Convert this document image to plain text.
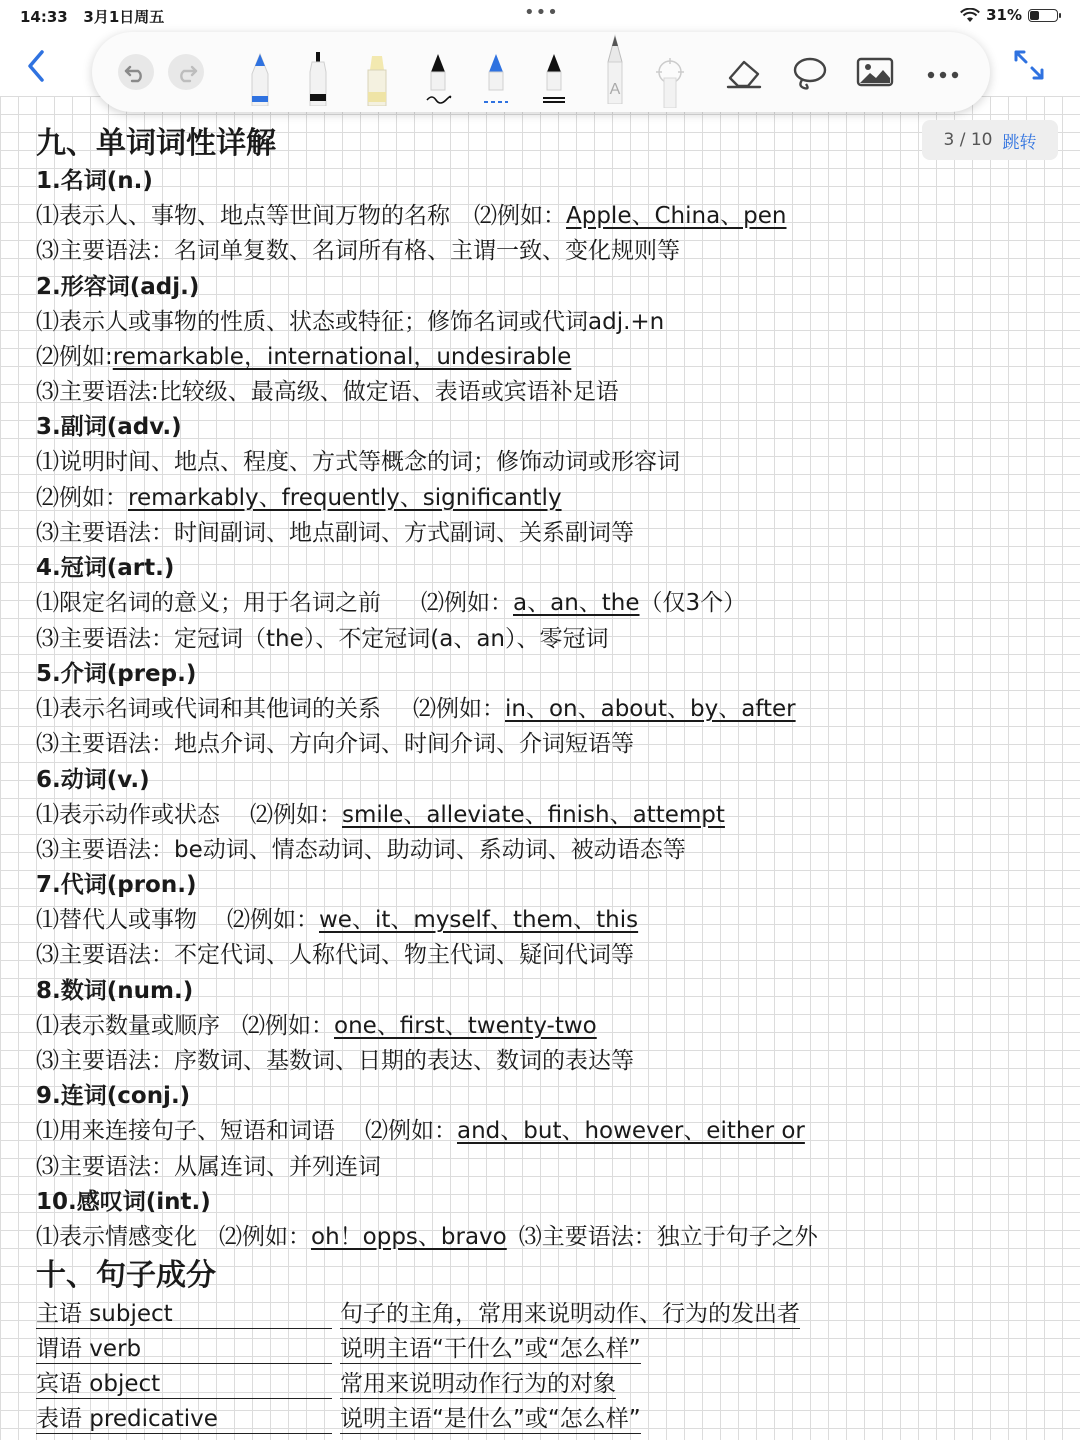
14:33 3月1日周五	•••	31%
A
3 / 10 跳转
九、单词词性详解
1.名词(n.)
⑴表示人、事物、地点等世间万物的名称 ⑵例如：Apple、China、pen
⑶主要语法：名词单复数、名词所有格、主谓一致、变化规则等
2.形容词(adj.)
⑴表示人或事物的性质、状态或特征；修饰名词或代词adj.+n
⑵例如:remarkable，international，undesirable
⑶主要语法:比较级、最高级、做定语、表语或宾语补足语
3.副词(adv.)
⑴说明时间、地点、程度、方式等概念的词；修饰动词或形容词
⑵例如：remarkably、frequently、significantly
⑶主要语法：时间副词、地点副词、方式副词、关系副词等
4.冠词(art.)
⑴限定名词的意义；用于名词之前 ⑵例如：a、an、the（仅3个）
⑶主要语法：定冠词（the）、不定冠词(a、an）、零冠词
5.介词(prep.)
⑴表示名词或代词和其他词的关系 ⑵例如：in、on、about、by、after
⑶主要语法：地点介词、方向介词、时间介词、介词短语等
6.动词(v.)
⑴表示动作或状态 ⑵例如：smile、alleviate、finish、attempt
⑶主要语法：be动词、情态动词、助动词、系动词、被动语态等
7.代词(pron.)
⑴替代人或事物 ⑵例如：we、it、myself、them、this
⑶主要语法：不定代词、人称代词、物主代词、疑问代词等
8.数词(num.)
⑴表示数量或顺序 ⑵例如：one、first、twenty-two
⑶主要语法：序数词、基数词、日期的表达、数词的表达等
9.连词(conj.)
⑴用来连接句子、短语和词语 ⑵例如：and、but、however、either or
⑶主要语法：从属连词、并列连词
10.感叹词(int.)
⑴表示情感变化 ⑵例如：oh！opps、bravo ⑶主要语法：独立于句子之外
十、句子成分
主语 subject	句子的主角，常用来说明动作、行为的发出者
谓语 verb	说明主语“干什么”或“怎么样”
宾语 object	常用来说明动作行为的对象
表语 predicative	说明主语“是什么”或“怎么样”
